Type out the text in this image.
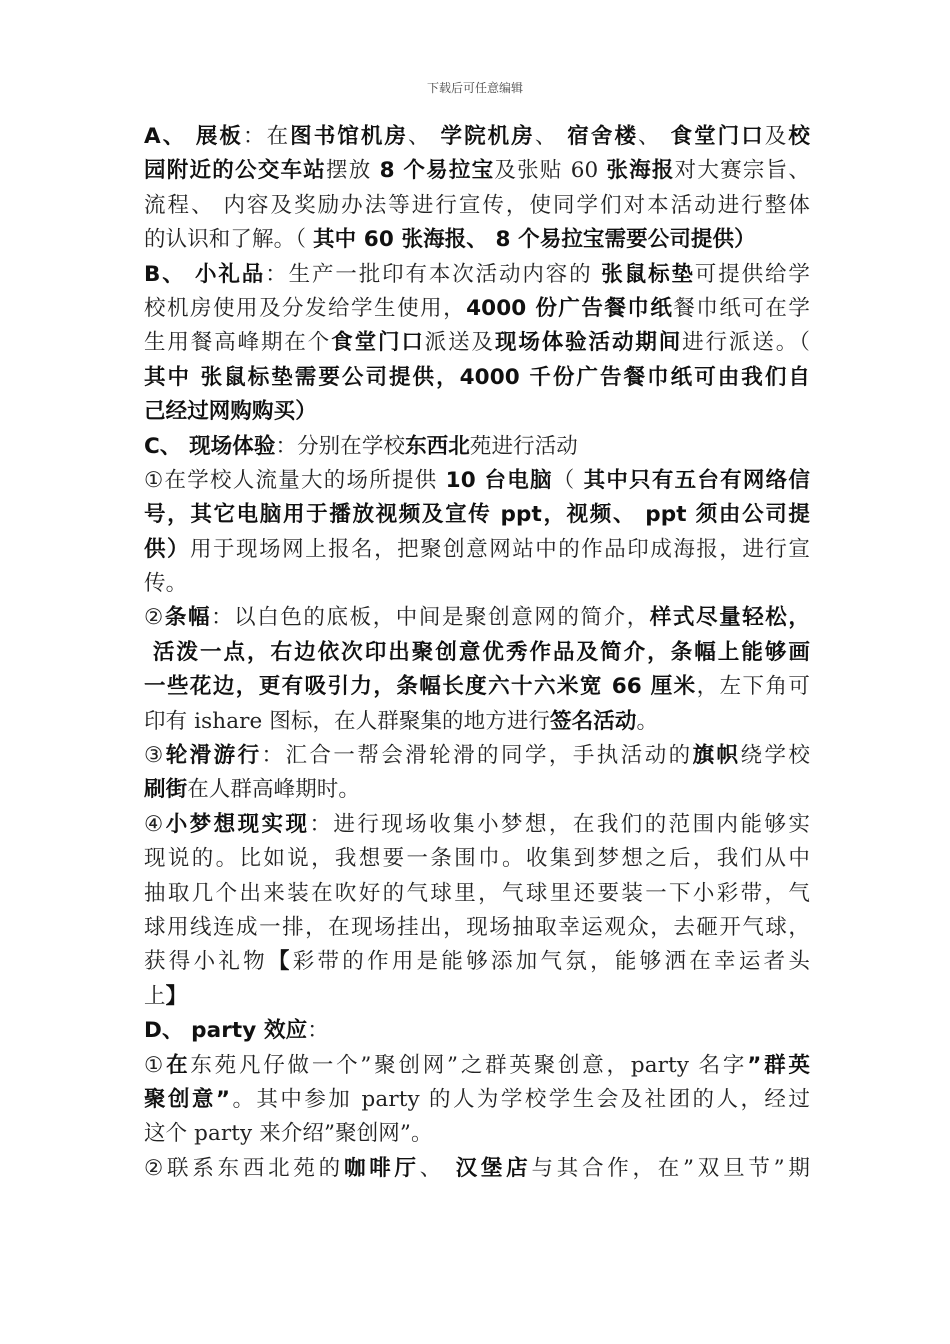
下载后可任意编辑
A、 展板：在图书馆机房、 学院机房、 宿舍楼、 食堂门口及校
园附近的公交车站摆放 8 个易拉宝及张贴 60 张海报对大赛宗旨、
流程、 内容及奖励办法等进行宣传，使同学们对本活动进行整体
的认识和了解。（ 其中 60 张海报、 8 个易拉宝需要公司提供）
B、 小礼品：生产一批印有本次活动内容的 张鼠标垫可提供给学
校机房使用及分发给学生使用，4000 份广告餐巾纸餐巾纸可在学
生用餐高峰期在个食堂门口派送及现场体验活动期间进行派送。（
其中 张鼠标垫需要公司提供，4000 千份广告餐巾纸可由我们自
己经过网购购买）
C、 现场体验：分别在学校东西北苑进行活动
①在学校人流量大的场所提供 10 台电脑（ 其中只有五台有网络信
号，其它电脑用于播放视频及宣传 ppt，视频、 ppt 须由公司提
供）用于现场网上报名，把聚创意网站中的作品印成海报，进行宣
传。
②条幅：以白色的底板，中间是聚创意网的简介，样式尽量轻松，
活泼一点，右边依次印出聚创意优秀作品及简介，条幅上能够画
一些花边，更有吸引力，条幅长度六十六米宽 66 厘米，左下角可
印有 ishare 图标，在人群聚集的地方进行签名活动。
③轮滑游行：汇合一帮会滑轮滑的同学，手执活动的旗帜绕学校
刷街在人群高峰期时。
④小梦想现实现：进行现场收集小梦想，在我们的范围内能够实
现说的。比如说，我想要一条围巾。收集到梦想之后，我们从中
抽取几个出来装在吹好的气球里，气球里还要装一下小彩带，气
球用线连成一排，在现场挂出，现场抽取幸运观众，去砸开气球，
获得小礼物【彩带的作用是能够添加气氛，能够洒在幸运者头
上】
D、 party 效应：
①在东苑凡仔做一个”聚创网”之群英聚创意，party 名字”群英
聚创意”。其中参加 party 的人为学校学生会及社团的人，经过
这个 party 来介绍”聚创网”。
②联系东西北苑的咖啡厅、 汉堡店与其合作，在”双旦节”期
